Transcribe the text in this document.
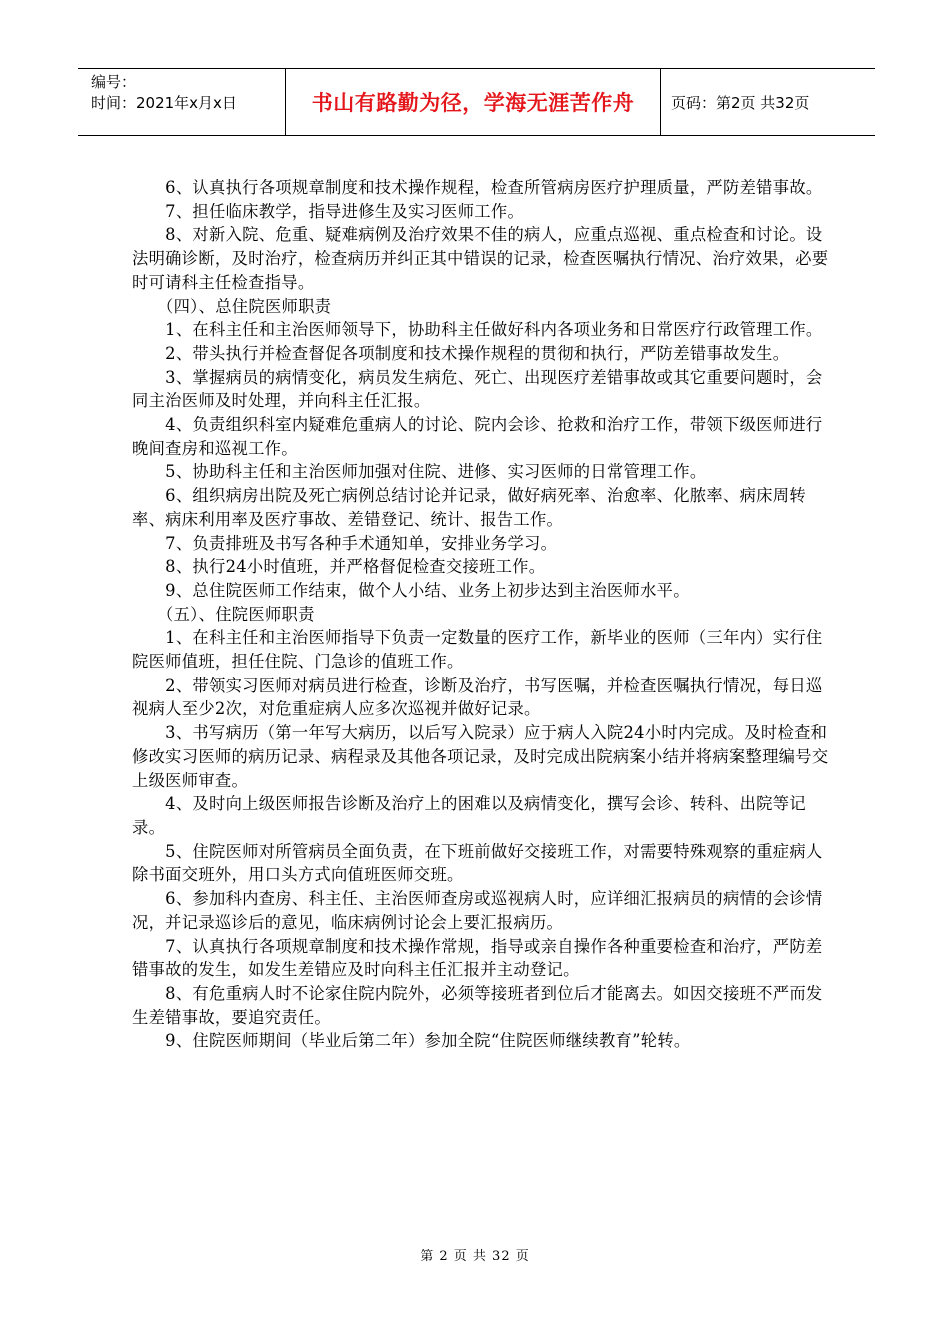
编号：
时间：2021年x月x日	书山有路勤为径，学海无涯苦作舟	页码：第2页 共32页

　　6、认真执行各项规章制度和技术操作规程，检查所管病房医疗护理质量，严防差错事故。

　　7、担任临床教学，指导进修生及实习医师工作。

　　8、对新入院、危重、疑难病例及治疗效果不佳的病人，应重点巡视、重点检查和讨论。设法明确诊断，及时治疗，检查病历并纠正其中错误的记录，检查医嘱执行情况、治疗效果，必要时可请科主任检查指导。

　　（四）、总住院医师职责

　　1、在科主任和主治医师领导下，协助科主任做好科内各项业务和日常医疗行政管理工作。

　　2、带头执行并检查督促各项制度和技术操作规程的贯彻和执行，严防差错事故发生。

　　3、掌握病员的病情变化，病员发生病危、死亡、出现医疗差错事故或其它重要问题时，会同主治医师及时处理，并向科主任汇报。

　　4、负责组织科室内疑难危重病人的讨论、院内会诊、抢救和治疗工作，带领下级医师进行晚间查房和巡视工作。

　　5、协助科主任和主治医师加强对住院、进修、实习医师的日常管理工作。

　　6、组织病房出院及死亡病例总结讨论并记录，做好病死率、治愈率、化脓率、病床周转率、病床利用率及医疗事故、差错登记、统计、报告工作。

　　7、负责排班及书写各种手术通知单，安排业务学习。

　　8、执行24小时值班，并严格督促检查交接班工作。

　　9、总住院医师工作结束，做个人小结、业务上初步达到主治医师水平。

　　（五）、住院医师职责

　　1、在科主任和主治医师指导下负责一定数量的医疗工作，新毕业的医师（三年内）实行住院医师值班，担任住院、门急诊的值班工作。

　　2、带领实习医师对病员进行检查，诊断及治疗，书写医嘱，并检查医嘱执行情况，每日巡视病人至少2次，对危重症病人应多次巡视并做好记录。

　　3、书写病历（第一年写大病历，以后写入院录）应于病人入院24小时内完成。及时检查和修改实习医师的病历记录、病程录及其他各项记录，及时完成出院病案小结并将病案整理编号交上级医师审查。

　　4、及时向上级医师报告诊断及治疗上的困难以及病情变化，撰写会诊、转科、出院等记录。

　　5、住院医师对所管病员全面负责，在下班前做好交接班工作，对需要特殊观察的重症病人除书面交班外，用口头方式向值班医师交班。

　　6、参加科内查房、科主任、主治医师查房或巡视病人时，应详细汇报病员的病情的会诊情况，并记录巡诊后的意见，临床病例讨论会上要汇报病历。

　　7、认真执行各项规章制度和技术操作常规，指导或亲自操作各种重要检查和治疗，严防差错事故的发生，如发生差错应及时向科主任汇报并主动登记。

　　8、有危重病人时不论家住院内院外，必须等接班者到位后才能离去。如因交接班不严而发生差错事故，要追究责任。

　　9、住院医师期间（毕业后第二年）参加全院“住院医师继续教育”轮转。

第 2 页 共 32 页
